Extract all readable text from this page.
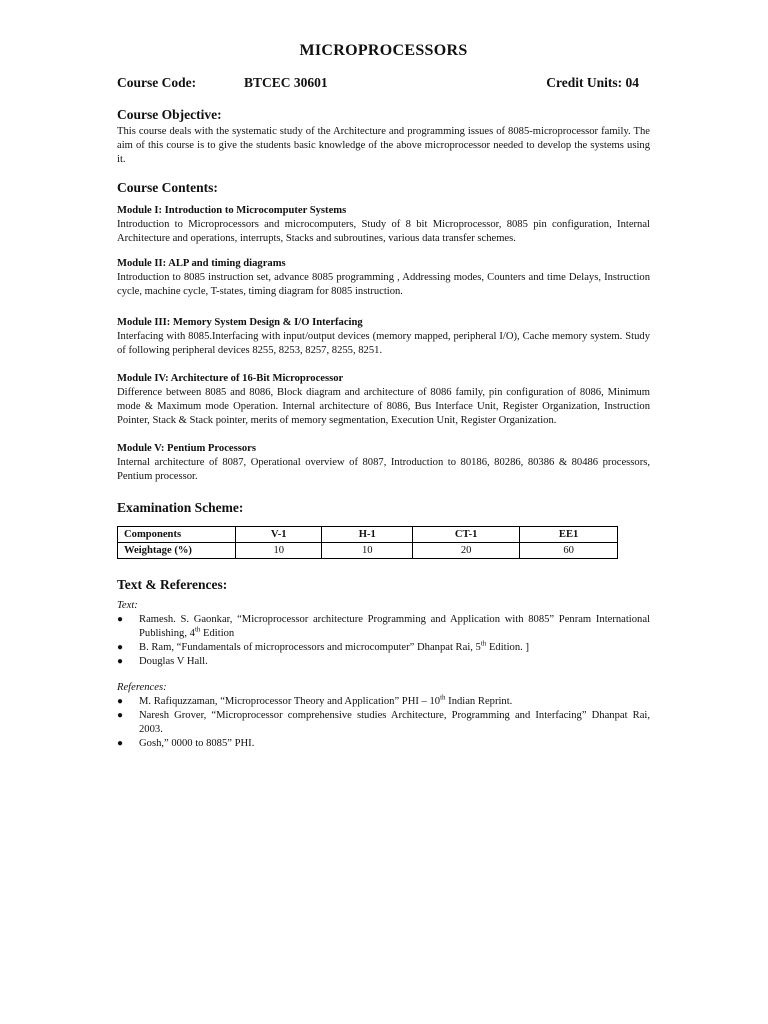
MICROPROCESSORS
Course Code:	BTCEC 30601	Credit Units: 04
Course Objective:

This course deals with the systematic study of the Architecture and programming issues of 8085-microprocessor family. The aim of this course is to give the students basic knowledge of the above microprocessor needed to develop the systems using it.

Course Contents:
Module I: Introduction to Microcomputer Systems

Introduction to Microprocessors and microcomputers, Study of 8 bit Microprocessor, 8085 pin configuration, Internal Architecture and operations, interrupts, Stacks and subroutines, various data transfer schemes.

Module II: ALP and timing diagrams

Introduction to 8085 instruction set, advance 8085 programming , Addressing modes, Counters and time Delays, Instruction cycle, machine cycle, T-states, timing diagram for 8085 instruction.

Module III: Memory System Design & I/O Interfacing

Interfacing with 8085.Interfacing with input/output devices (memory mapped, peripheral I/O), Cache memory system. Study of following peripheral devices 8255, 8253, 8257, 8255, 8251.

Module IV: Architecture of 16-Bit Microprocessor

Difference between 8085 and 8086, Block diagram and architecture of 8086 family, pin configuration of 8086, Minimum mode & Maximum mode Operation. Internal architecture of 8086, Bus Interface Unit, Register Organization, Instruction Pointer, Stack & Stack pointer, merits of memory segmentation, Execution Unit, Register Organization.

Module V: Pentium Processors

Internal architecture of 8087, Operational overview of 8087, Introduction to 80186, 80286, 80386 & 80486 processors, Pentium processor.

Examination Scheme:
Components	V-1	H-1	CT-1	EE1
Weightage (%)	10	10	20	60
Text & References:
Text:
● Ramesh. S. Gaonkar, “Microprocessor architecture Programming and Application with 8085” Penram International Publishing, 4th Edition
● B. Ram, “Fundamentals of microprocessors and microcomputer” Dhanpat Rai, 5th Edition. ]
● Douglas V Hall.
References:
● M. Rafiquzzaman, “Microprocessor Theory and Application” PHI – 10th Indian Reprint.
● Naresh Grover, “Microprocessor comprehensive studies Architecture, Programming and Interfacing” Dhanpat Rai, 2003.
● Gosh,” 0000 to 8085” PHI.
